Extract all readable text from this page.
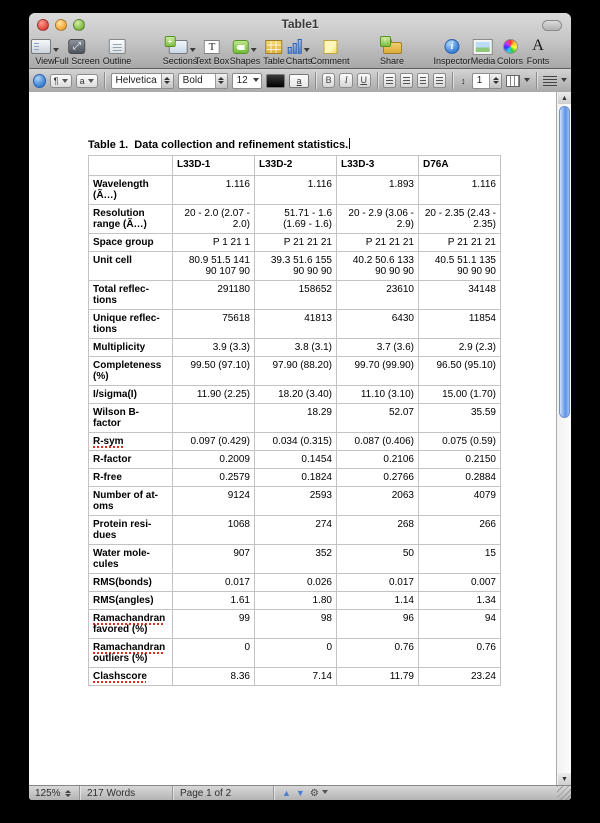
Table1
View
⤢
Full Screen Outline
+	Sections
T
Text Box Shapes Table Charts
Comment
↑	Share
i
Inspector Media Colors
A
Fonts
¶ a	Helvetica	Bold	12	a	B	I	U	↕	1
Table 1.  Data collection and refinement statistics.
	L33D-1	L33D-2	L33D-3	D76A
Wavelength
(Ã…)	1.116	1.116	1.893	1.116
Resolution
range (Ã…)	20 - 2.0 (2.07 - 2.0)	51.71 - 1.6 (1.69 - 1.6)	20 - 2.9 (3.06 - 2.9)	20 - 2.35 (2.43 - 2.35)
Space group	P 1 21 1	P 21 21 21	P 21 21 21	P 21 21 21
Unit cell	80.9 51.5 141 90 107 90	39.3 51.6 155 90 90 90	40.2 50.6 133 90 90 90	40.5 51.1 135 90 90 90
Total reflec-
tions	291180	158652	23610	34148
Unique reflec-
tions	75618	41813	6430	11854
Multiplicity	3.9 (3.3)	3.8 (3.1)	3.7 (3.6)	2.9 (2.3)
Completeness
(%)	99.50 (97.10)	97.90 (88.20)	99.70 (99.90)	96.50 (95.10)
I/sigma(I)	11.90 (2.25)	18.20 (3.40)	11.10 (3.10)	15.00 (1.70)
Wilson B-
factor		18.29	52.07	35.59
R-sym	0.097 (0.429)	0.034 (0.315)	0.087 (0.406)	0.075 (0.59)
R-factor	0.2009	0.1454	0.2106	0.2150
R-free	0.2579	0.1824	0.2766	0.2884
Number of at-
oms	9124	2593	2063	4079
Protein resi-
dues	1068	274	268	266
Water mole-
cules	907	352	50	15
RMS(bonds)	0.017	0.026	0.017	0.007
RMS(angles)	1.61	1.80	1.14	1.34
Ramachandran
favored (%)	99	98	96	94
Ramachandran
outliers (%)	0	0	0.76	0.76
Clashscore	8.36	7.14	11.79	23.24
▲
▼
125%	217 Words	Page 1 of 2	▲ ▼ ⚙
